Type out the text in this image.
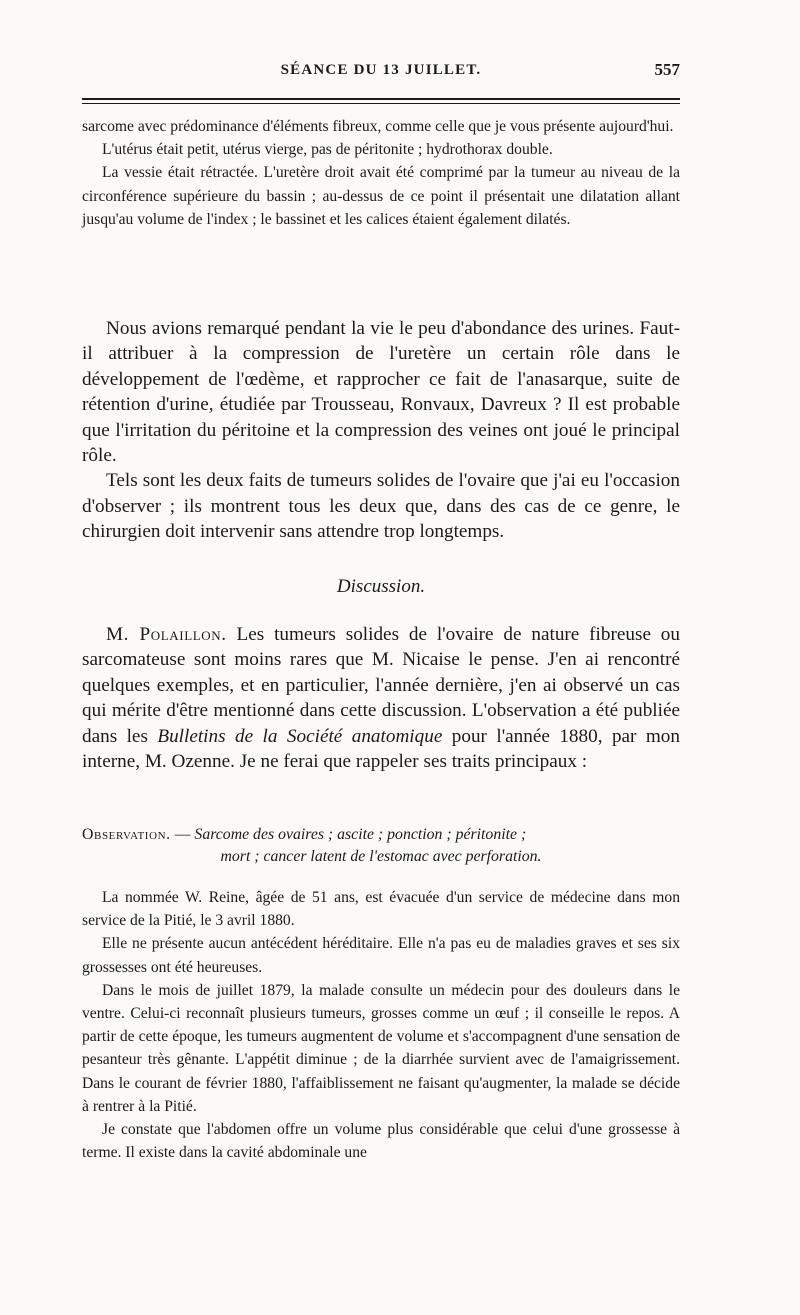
SÉANCE DU 13 JUILLET.	557

sarcome avec prédominance d'éléments fibreux, comme celle que je vous présente aujourd'hui.

L'utérus était petit, utérus vierge, pas de péritonite ; hydrothorax double.

La vessie était rétractée. L'uretère droit avait été comprimé par la tumeur au niveau de la circonférence supérieure du bassin ; au-dessus de ce point il présentait une dilatation allant jusqu'au volume de l'index ; le bassinet et les calices étaient également dilatés.

Nous avions remarqué pendant la vie le peu d'abondance des urines. Faut-il attribuer à la compression de l'uretère un certain rôle dans le développement de l'œdème, et rapprocher ce fait de l'anasarque, suite de rétention d'urine, étudiée par Trousseau, Ronvaux, Davreux ? Il est probable que l'irritation du péritoine et la compression des veines ont joué le principal rôle.

Tels sont les deux faits de tumeurs solides de l'ovaire que j'ai eu l'occasion d'observer ; ils montrent tous les deux que, dans des cas de ce genre, le chirurgien doit intervenir sans attendre trop longtemps.

Discussion.

M. Polaillon. Les tumeurs solides de l'ovaire de nature fibreuse ou sarcomateuse sont moins rares que M. Nicaise le pense. J'en ai rencontré quelques exemples, et en particulier, l'année dernière, j'en ai observé un cas qui mérite d'être mentionné dans cette discussion. L'observation a été publiée dans les Bulletins de la Société anatomique pour l'année 1880, par mon interne, M. Ozenne. Je ne ferai que rappeler ses traits principaux :

Observation. — Sarcome des ovaires ; ascite ; ponction ; péritonite ;
mort ; cancer latent de l'estomac avec perforation.

La nommée W. Reine, âgée de 51 ans, est évacuée d'un service de médecine dans mon service de la Pitié, le 3 avril 1880.

Elle ne présente aucun antécédent héréditaire. Elle n'a pas eu de maladies graves et ses six grossesses ont été heureuses.

Dans le mois de juillet 1879, la malade consulte un médecin pour des douleurs dans le ventre. Celui-ci reconnaît plusieurs tumeurs, grosses comme un œuf ; il conseille le repos. A partir de cette époque, les tumeurs augmentent de volume et s'accompagnent d'une sensation de pesanteur très gênante. L'appétit diminue ; de la diarrhée survient avec de l'amaigrissement. Dans le courant de février 1880, l'affaiblissement ne faisant qu'augmenter, la malade se décide à rentrer à la Pitié.

Je constate que l'abdomen offre un volume plus considérable que celui d'une grossesse à terme. Il existe dans la cavité abdominale une
